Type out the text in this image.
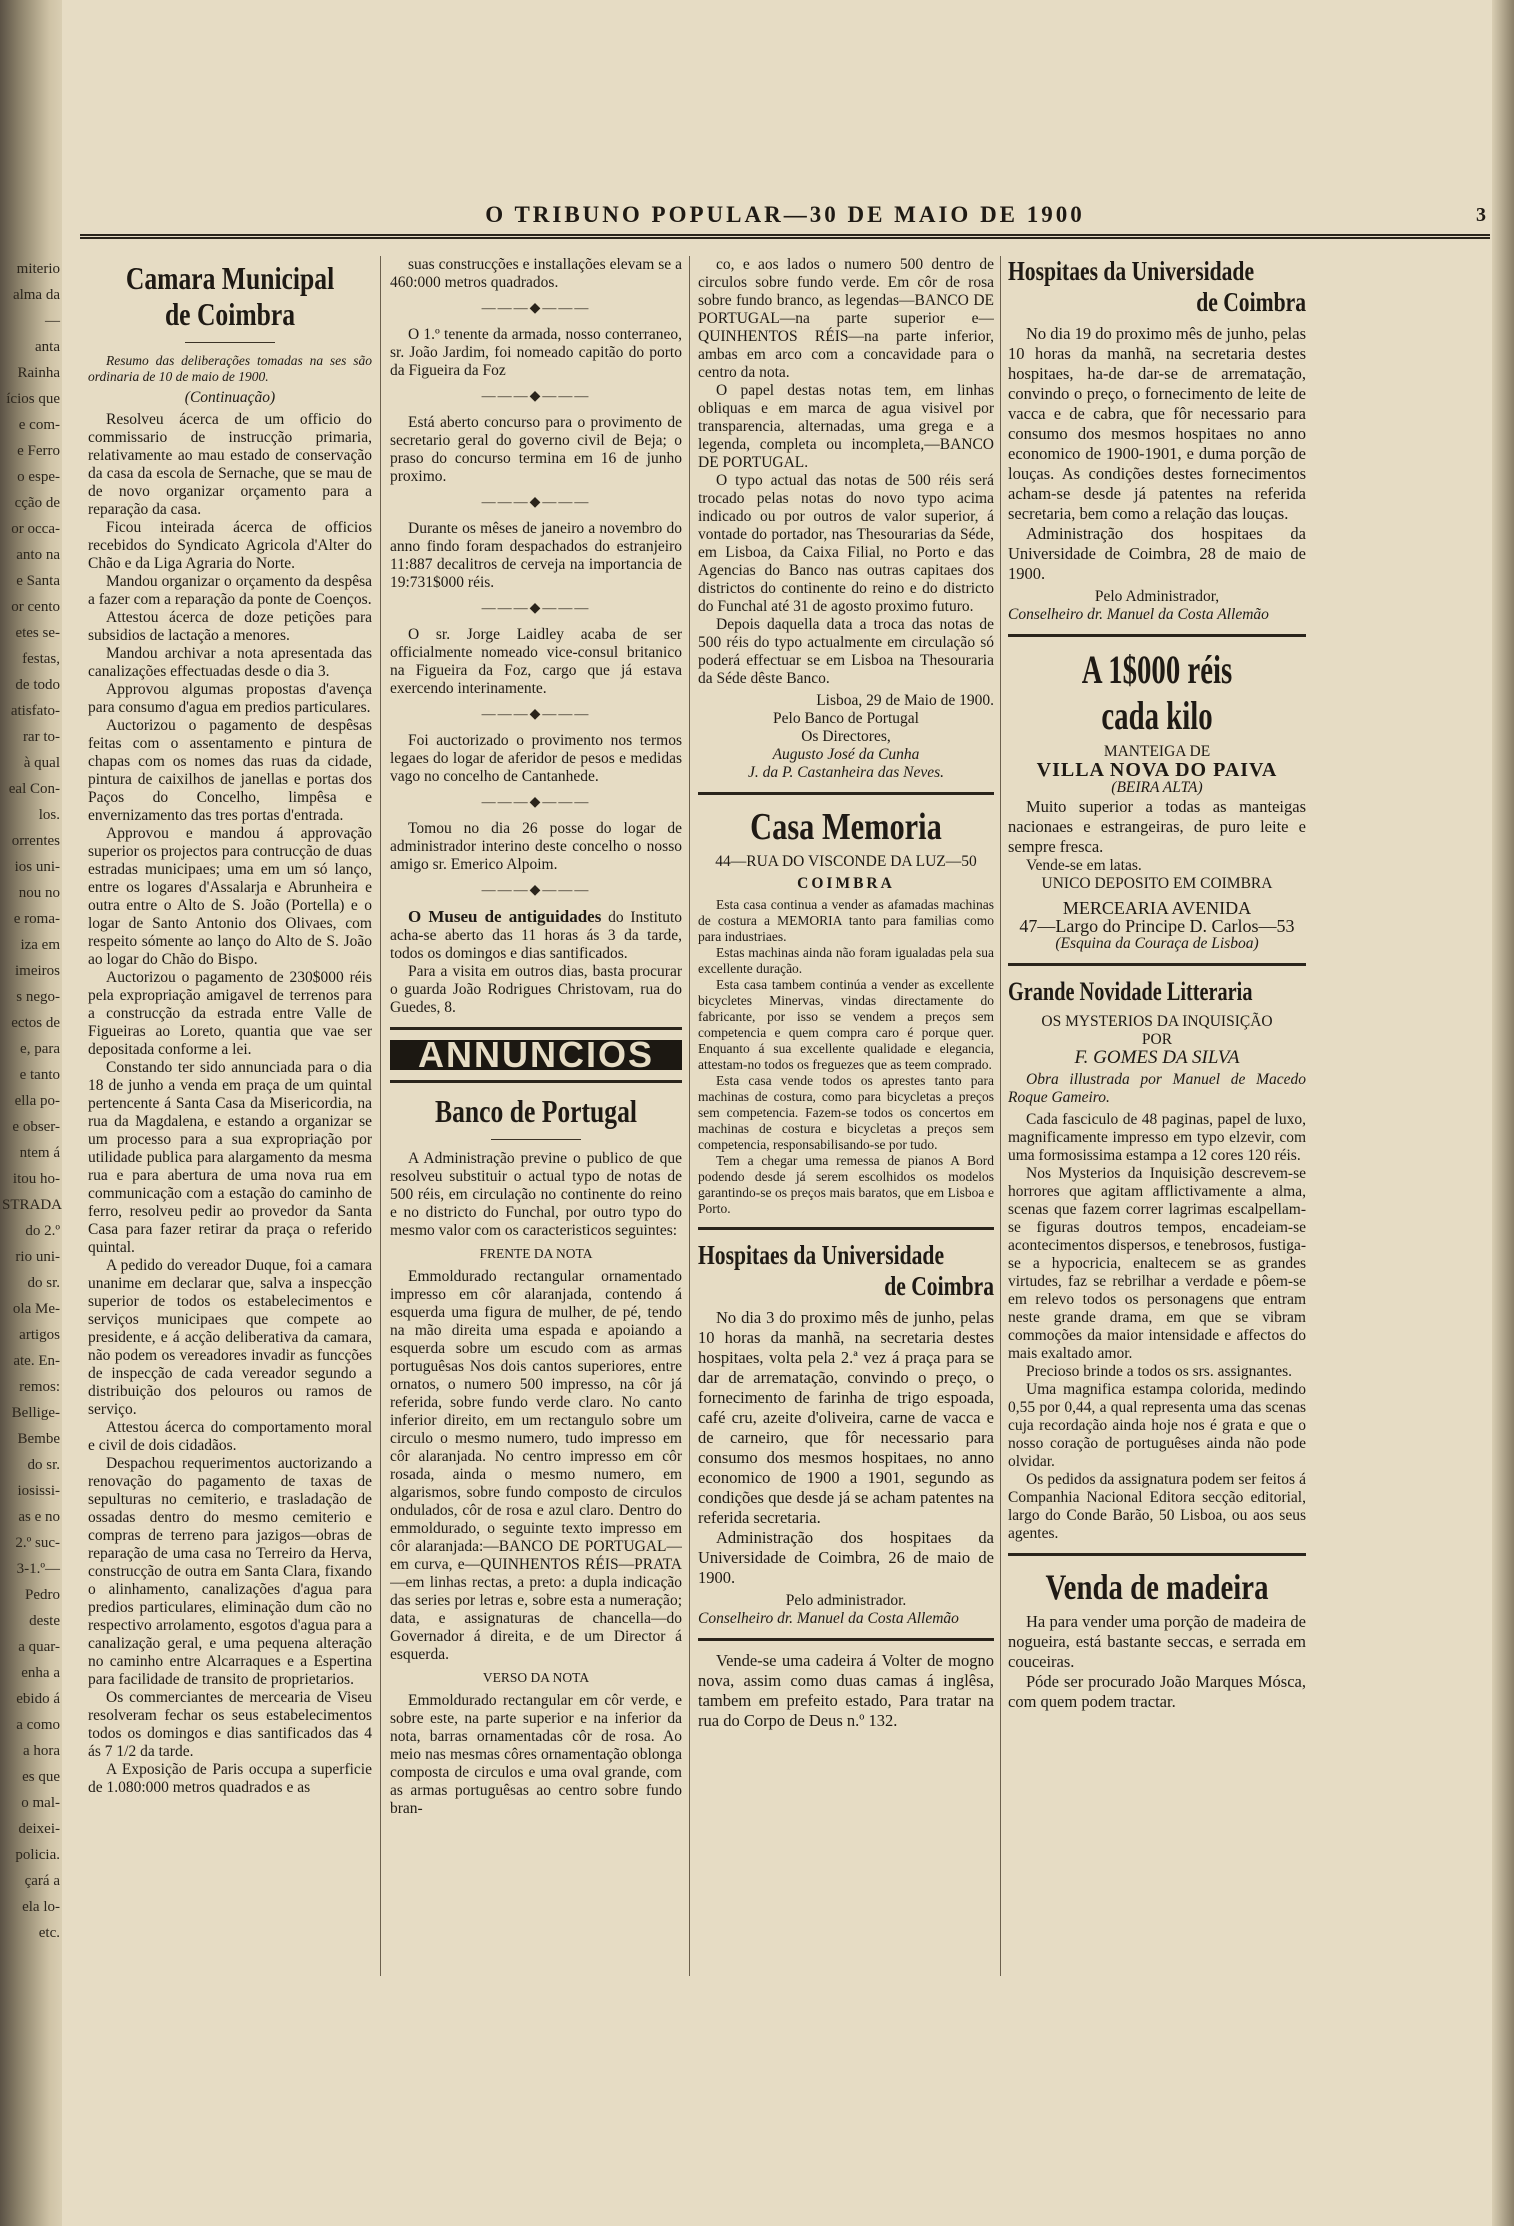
miterio
alma da
—
anta
Rainha
ícios que
e com-
e Ferro
o espe-
cção de
or occa-
anto na
e Santa
or cento
etes se-
festas,
de todo
atisfato-
rar to-
à qual
eal Con-
los.
orrentes
ios uni-
nou no
e roma-
iza em
imeiros
s nego-
ectos de
e, para
e tanto
ella po-
e obser-
ntem á
itou ho-
STRADA
do 2.º
rio uni-
do sr.
ola Me-
artigos
ate. En-
remos:
Bellige-
Bembe
do sr.
iosissi-
as e no
2.º suc-
3-1.º—
Pedro
deste
a quar-
enha a
ebido á
a como
a hora
es que
o mal-
deixei-
policia.
çará a
ela lo-
etc.
O TRIBUNO POPULAR—30 DE MAIO DE 1900	3
Camara Municipal de Coimbra

Resumo das deliberações tomadas na ses são ordinaria de 10 de maio de 1900.

(Continuação)

Resolveu ácerca de um officio do commissario de instrucção primaria, relativamente ao mau estado de conservação da casa da escola de Sernache, que se mau de de novo organizar orçamento para a reparação da casa.

Ficou inteirada ácerca de officios recebidos do Syndicato Agricola d'Alter do Chão e da Liga Agraria do Norte.

Mandou organizar o orçamento da despêsa a fazer com a reparação da ponte de Coenços.

Attestou ácerca de doze petições para subsidios de lactação a menores.

Mandou archivar a nota apresentada das canalizações effectuadas desde o dia 3.

Approvou algumas propostas d'avença para consumo d'agua em predios particulares.

Auctorizou o pagamento de despêsas feitas com o assentamento e pintura de chapas com os nomes das ruas da cidade, pintura de caixilhos de janellas e portas dos Paços do Concelho, limpêsa e envernizamento das tres portas d'entrada.

Approvou e mandou á approvação superior os projectos para contrucção de duas estradas municipaes; uma em um só lanço, entre os logares d'Assalarja e Abrunheira e outra entre o Alto de S. João (Portella) e o logar de Santo Antonio dos Olivaes, com respeito sómente ao lanço do Alto de S. João ao logar do Chão do Bispo.

Auctorizou o pagamento de 230$000 réis pela expropriação amigavel de terrenos para a construcção da estrada entre Valle de Figueiras ao Loreto, quantia que vae ser depositada conforme a lei.

Constando ter sido annunciada para o dia 18 de junho a venda em praça de um quintal pertencente á Santa Casa da Misericordia, na rua da Magdalena, e estando a organizar se um processo para a sua expropriação por utilidade publica para alargamento da mesma rua e para abertura de uma nova rua em communicação com a estação do caminho de ferro, resolveu pedir ao provedor da Santa Casa para fazer retirar da praça o referido quintal.

A pedido do vereador Duque, foi a camara unanime em declarar que, salva a inspecção superior de todos os estabelecimentos e serviços municipaes que compete ao presidente, e á acção deliberativa da camara, não podem os vereadores invadir as funcções de inspecção de cada vereador segundo a distribuição dos pelouros ou ramos de serviço.

Attestou ácerca do comportamento moral e civil de dois cidadãos.

Despachou requerimentos auctorizando a renovação do pagamento de taxas de sepulturas no cemiterio, e trasladação de ossadas dentro do mesmo cemiterio e compras de terreno para jazigos—obras de reparação de uma casa no Terreiro da Herva, construcção de outra em Santa Clara, fixando o alinhamento, canalizações d'agua para predios particulares, eliminação dum cão no respectivo arrolamento, esgotos d'agua para a canalização geral, e uma pequena alteração no caminho entre Alcarraques e a Espertina para facilidade de transito de proprietarios.

Os commerciantes de mercearia de Viseu resolveram fechar os seus estabelecimentos todos os domingos e dias santificados das 4 ás 7 1/2 da tarde.

A Exposição de Paris occupa a superficie de 1.080:000 metros quadrados e as

suas construcções e installações elevam se a 460:000 metros quadrados.

———◆———

O 1.º tenente da armada, nosso conterraneo, sr. João Jardim, foi nomeado capitão do porto da Figueira da Foz

———◆———

Está aberto concurso para o provimento de secretario geral do governo civil de Beja; o praso do concurso termina em 16 de junho proximo.

———◆———

Durante os mêses de janeiro a novembro do anno findo foram despachados do estranjeiro 11:887 decalitros de cerveja na importancia de 19:731$000 réis.

———◆———

O sr. Jorge Laidley acaba de ser officialmente nomeado vice-consul britanico na Figueira da Foz, cargo que já estava exercendo interinamente.

———◆———

Foi auctorizado o provimento nos termos legaes do logar de aferidor de pesos e medidas vago no concelho de Cantanhede.

———◆———

Tomou no dia 26 posse do logar de administrador interino deste concelho o nosso amigo sr. Emerico Alpoim.

———◆———

O Museu de antiguidades do Instituto acha-se aberto das 11 horas ás 3 da tarde, todos os domingos e dias santificados.

Para a visita em outros dias, basta procurar o guarda João Rodrigues Christovam, rua do Guedes, 8.

ANNUNCIOS
Banco de Portugal

A Administração previne o publico de que resolveu substituir o actual typo de notas de 500 réis, em circulação no continente do reino e no districto do Funchal, por outro typo do mesmo valor com os caracteristicos seguintes:

FRENTE DA NOTA

Emmoldurado rectangular ornamentado impresso em côr alaranjada, contendo á esquerda uma figura de mulher, de pé, tendo na mão direita uma espada e apoiando a esquerda sobre um escudo com as armas portuguêsas Nos dois cantos superiores, entre ornatos, o numero 500 impresso, na côr já referida, sobre fundo verde claro. No canto inferior direito, em um rectangulo sobre um circulo o mesmo numero, tudo impresso em côr alaranjada. No centro impresso em côr rosada, ainda o mesmo numero, em algarismos, sobre fundo composto de circulos ondulados, côr de rosa e azul claro. Dentro do emmoldurado, o seguinte texto impresso em côr alaranjada:—BANCO DE PORTUGAL—em curva, e—QUINHENTOS RÉIS—PRATA—em linhas rectas, a preto: a dupla indicação das series por letras e, sobre esta a numeração; data, e assignaturas de chancella—do Governador á direita, e de um Director á esquerda.

VERSO DA NOTA

Emmoldurado rectangular em côr verde, e sobre este, na parte superior e na inferior da nota, barras ornamentadas côr de rosa. Ao meio nas mesmas côres ornamentação oblonga composta de circulos e uma oval grande, com as armas portuguêsas ao centro sobre fundo bran-

co, e aos lados o numero 500 dentro de circulos sobre fundo verde. Em côr de rosa sobre fundo branco, as legendas—BANCO DE PORTUGAL—na parte superior e—QUINHENTOS RÉIS—na parte inferior, ambas em arco com a concavidade para o centro da nota.

O papel destas notas tem, em linhas obliquas e em marca de agua visivel por transparencia, alternadas, uma grega e a legenda, completa ou incompleta,—BANCO DE PORTUGAL.

O typo actual das notas de 500 réis será trocado pelas notas do novo typo acima indicado ou por outros de valor superior, á vontade do portador, nas Thesourarias da Séde, em Lisboa, da Caixa Filial, no Porto e das Agencias do Banco nas outras capitaes dos districtos do continente do reino e do districto do Funchal até 31 de agosto proximo futuro.

Depois daquella data a troca das notas de 500 réis do typo actualmente em circulação só poderá effectuar se em Lisboa na Thesouraria da Séde dêste Banco.

Lisboa, 29 de Maio de 1900.
Pelo Banco de Portugal
Os Directores,
Augusto José da Cunha
J. da P. Castanheira das Neves.
Casa Memoria
44—RUA DO VISCONDE DA LUZ—50
COIMBRA

Esta casa continua a vender as afamadas machinas de costura a MEMORIA tanto para familias como para industriaes.

Estas machinas ainda não foram igualadas pela sua excellente duração.

Esta casa tambem continúa a vender as excellente bicycletes Minervas, vindas directamente do fabricante, por isso se vendem a preços sem competencia e quem compra caro é porque quer. Enquanto á sua excellente qualidade e elegancia, attestam-no todos os freguezes que as teem comprado.

Esta casa vende todos os aprestes tanto para machinas de costura, como para bicycletas a preços sem competencia. Fazem-se todos os concertos em machinas de costura e bicycletas a preços sem competencia, responsabilisando-se por tudo.

Tem a chegar uma remessa de pianos A Bord podendo desde já serem escolhidos os modelos garantindo-se os preços mais baratos, que em Lisboa e Porto.

Hospitaes da Universidade
de Coimbra

No dia 3 do proximo mês de junho, pelas 10 horas da manhã, na secretaria destes hospitaes, volta pela 2.ª vez á praça para se dar de arrematação, convindo o preço, o fornecimento de farinha de trigo espoada, café cru, azeite d'oliveira, carne de vacca e de carneiro, que fôr necessario para consumo dos mesmos hospitaes, no anno economico de 1900 a 1901, segundo as condições que desde já se acham patentes na referida secretaria.

Administração dos hospitaes da Universidade de Coimbra, 26 de maio de 1900.

Pelo administrador.
Conselheiro dr. Manuel da Costa Allemão

Vende-se uma cadeira á Volter de mogno nova, assim como duas camas á inglêsa, tambem em prefeito estado, Para tratar na rua do Corpo de Deus n.º 132.

Hospitaes da Universidade
de Coimbra

No dia 19 do proximo mês de junho, pelas 10 horas da manhã, na secretaria destes hospitaes, ha-de dar-se de arrematação, convindo o preço, o fornecimento de leite de vacca e de cabra, que fôr necessario para consumo dos mesmos hospitaes no anno economico de 1900-1901, e duma porção de louças. As condições destes fornecimentos acham-se desde já patentes na referida secretaria, bem como a relação das louças.

Administração dos hospitaes da Universidade de Coimbra, 28 de maio de 1900.

Pelo Administrador,
Conselheiro dr. Manuel da Costa Allemão
A 1$000 réis cada kilo
MANTEIGA DE
VILLA NOVA DO PAIVA
(BEIRA ALTA)

Muito superior a todas as manteigas nacionaes e estrangeiras, de puro leite e sempre fresca.

Vende-se em latas.

UNICO DEPOSITO EM COIMBRA
MERCEARIA AVENIDA
47—Largo do Principe D. Carlos—53
(Esquina da Couraça de Lisboa)
Grande Novidade Litteraria
OS MYSTERIOS DA INQUISIÇÃO
POR
F. GOMES DA SILVA

Obra illustrada por Manuel de Macedo Roque Gameiro.

Cada fasciculo de 48 paginas, papel de luxo, magnificamente impresso em typo elzevir, com uma formosissima estampa a 12 cores 120 réis.

Nos Mysterios da Inquisição descrevem-se horrores que agitam afflictivamente a alma, scenas que fazem correr lagrimas escalpellam-se figuras doutros tempos, encadeiam-se acontecimentos dispersos, e tenebrosos, fustiga-se a hypocricia, enaltecem se as grandes virtudes, faz se rebrilhar a verdade e pôem-se em relevo todos os personagens que entram neste grande drama, em que se vibram commoções da maior intensidade e affectos do mais exaltado amor.

Precioso brinde a todos os srs. assignantes.

Uma magnifica estampa colorida, medindo 0,55 por 0,44, a qual representa uma das scenas cuja recordação ainda hoje nos é grata e que o nosso coração de portuguêses ainda não pode olvidar.

Os pedidos da assignatura podem ser feitos á Companhia Nacional Editora secção editorial, largo do Conde Barão, 50 Lisboa, ou aos seus agentes.

Venda de madeira

Ha para vender uma porção de madeira de nogueira, está bastante seccas, e serrada em couceiras.

Póde ser procurado João Marques Mósca, com quem podem tractar.
